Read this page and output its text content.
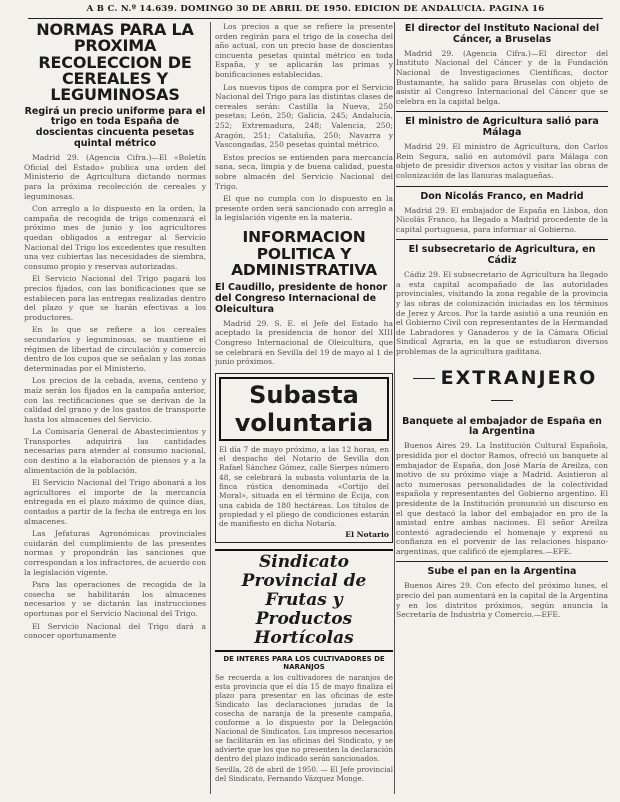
A B C. N.º 14.639. DOMINGO 30 DE ABRIL DE 1950. EDICION DE ANDALUCIA. PAGINA 16
NORMAS PARA LA PROXIMA RECOLECCION DE CEREALES Y LEGUMINOSAS
Regirá un precio uniforme para el trigo en toda España de doscientas cincuenta pesetas quintal métrico

Madrid 29. (Agencia Cifra.)—El «Boletín Oficial del Estado» publica una orden del Ministerio de Agricultura dictando normas para la próxima recolección de cereales y leguminosas.

Con arreglo a lo dispuesto en la orden, la campaña de recogida de trigo comenzará el próximo mes de junio y los agricultores quedan obligados a entregar al Servicio Nacional del Trigo los excedentes que resulten una vez cubiertas las necesidades de siembra, consumo propio y reservas autorizadas.

El Servicio Nacional del Trigo pagará los precios fijados, con las bonificaciones que se establecen para las entregas realizadas dentro del plazo y que se harán efectivas a los productores.

En lo que se refiere a los cereales secundarios y leguminosas, se mantiene el régimen de libertad de circulación y comercio dentro de los cupos que se señalan y las zonas determinadas por el Ministerio.

Los precios de la cebada, avena, centeno y maíz serán los fijados en la campaña anterior, con las rectificaciones que se derivan de la calidad del grano y de los gastos de transporte hasta los almacenes del Servicio.

La Comisaría General de Abastecimientos y Transportes adquirirá las cantidades necesarias para atender al consumo nacional, con destino a la elaboración de piensos y a la alimentación de la población.

El Servicio Nacional del Trigo abonará a los agricultores el importe de la mercancía entregada en el plazo máximo de quince días, contados a partir de la fecha de entrega en los almacenes.

Las Jefaturas Agronómicas provinciales cuidarán del cumplimiento de las presentes normas y propondrán las sanciones que correspondan a los infractores, de acuerdo con la legislación vigente.

Para las operaciones de recogida de la cosecha se habilitarán los almacenes necesarios y se dictarán las instrucciones oportunas por el Servicio Nacional del Trigo.

El Servicio Nacional del Trigo dará a conocer oportunamente

Los precios a que se refiere la presente orden regirán para el trigo de la cosecha del año actual, con un precio base de doscientas cincuenta pesetas quintal métrico en toda España, y se aplicarán las primas y bonificaciones establecidas.

Los nuevos tipos de compra por el Servicio Nacional del Trigo para las distintas clases de cereales serán: Castilla la Nueva, 250 pesetas; León, 250; Galicia, 245; Andalucía, 252; Extremadura, 248; Valencia, 250; Aragón, 251; Cataluña, 250; Navarra y Vascongadas, 250 pesetas quintal métrico.

Estos precios se entienden para mercancía sana, seca, limpia y de buena calidad, puesta sobre almacén del Servicio Nacional del Trigo.

El que no cumpla con lo dispuesto en la presente orden será sancionado con arreglo a la legislación vigente en la materia.

INFORMACION POLITICA Y ADMINISTRATIVA
El Caudillo, presidente de honor del Congreso Internacional de Oleicultura

Madrid 29. S. E. el Jefe del Estado ha aceptado la presidencia de honor del XIII Congreso Internacional de Oleicultura, que se celebrará en Sevilla del 19 de mayo al 1 de junio próximos.

Subasta voluntaria
El día 7 de mayo próximo, a las 12 horas, en el despacho del Notario de Sevilla don Rafael Sánchez Gómez, calle Sierpes número 48, se celebrará la subasta voluntaria de la finca rústica denominada «Cortijo del Moral», situada en el término de Écija, con una cabida de 180 hectáreas. Los títulos de propiedad y el pliego de condiciones estarán de manifiesto en dicha Notaría.
El Notario
Sindicato Provincial de Frutas y Productos Hortícolas
DE INTERES PARA LOS CULTIVADORES DE NARANJOS
Se recuerda a los cultivadores de naranjos de esta provincia que el día 15 de mayo finaliza el plazo para presentar en las oficinas de este Sindicato las declaraciones juradas de la cosecha de naranja de la presente campaña, conforme a lo dispuesto por la Delegación Nacional de Sindicatos. Los impresos necesarios se facilitarán en las oficinas del Sindicato, y se advierte que los que no presenten la declaración dentro del plazo indicado serán sancionados.
Sevilla, 28 de abril de 1950. — El Jefe provincial del Sindicato, Fernando Vázquez Monge.
El director del Instituto Nacional del Cáncer, a Bruselas

Madrid 29. (Agencia Cifra.)—El director del Instituto Nacional del Cáncer y de la Fundación Nacional de Investigaciones Científicas, doctor Bustamante, ha salido para Bruselas con objeto de asistir al Congreso Internacional del Cáncer que se celebra en la capital belga.

El ministro de Agricultura salió para Málaga

Madrid 29. El ministro de Agricultura, don Carlos Rein Segura, salió en automóvil para Málaga con objeto de presidir diversos actos y visitar las obras de colonización de las llanuras malagueñas.

Don Nicolás Franco, en Madrid

Madrid 29. El embajador de España en Lisboa, don Nicolás Franco, ha llegado a Madrid procedente de la capital portuguesa, para informar al Gobierno.

El subsecretario de Agricultura, en Cádiz

Cádiz 29. El subsecretario de Agricultura ha llegado a esta capital acompañado de las autoridades provinciales, visitando la zona regable de la provincia y las obras de colonización iniciadas en los términos de Jerez y Arcos. Por la tarde asistió a una reunión en el Gobierno Civil con representantes de la Hermandad de Labradores y Ganaderos y de la Cámara Oficial Sindical Agraria, en la que se estudiaron diversos problemas de la agricultura gaditana.

EXTRANJERO
Banquete al embajador de España en la Argentina

Buenos Aires 29. La Institución Cultural Española, presidida por el doctor Ramos, ofreció un banquete al embajador de España, don José María de Areilza, con motivo de su próximo viaje a Madrid. Asistieron al acto numerosas personalidades de la colectividad española y representantes del Gobierno argentino. El presidente de la Institución pronunció un discurso en el que destacó la labor del embajador en pro de la amistad entre ambas naciones. El señor Areilza contestó agradeciendo el homenaje y expresó su confianza en el porvenir de las relaciones hispano-argentinas, que calificó de ejemplares.—EFE.

Sube el pan en la Argentina

Buenos Aires 29. Con efecto del próximo lunes, el precio del pan aumentará en la capital de la Argentina y en los distritos próximos, según anuncia la Secretaría de Industria y Comercio.—EFE.
